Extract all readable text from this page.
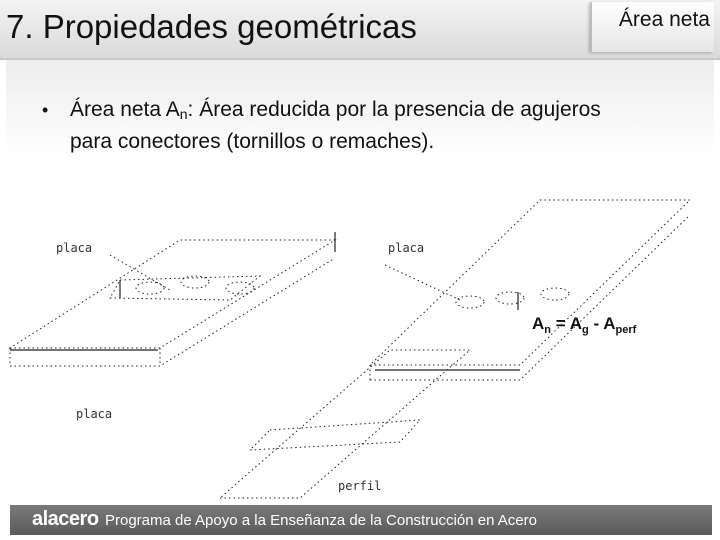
7. Propiedades geométricas	Área neta
• Área neta $A_n$: Área reducida por la presencia de agujeros
para conectores (tornillos o remaches).
placa	placa
placa
perfil
$A_n = A_g - A_{perf}$
alacero Programa de Apoyo a la Enseñanza de la Construcción en Acero
